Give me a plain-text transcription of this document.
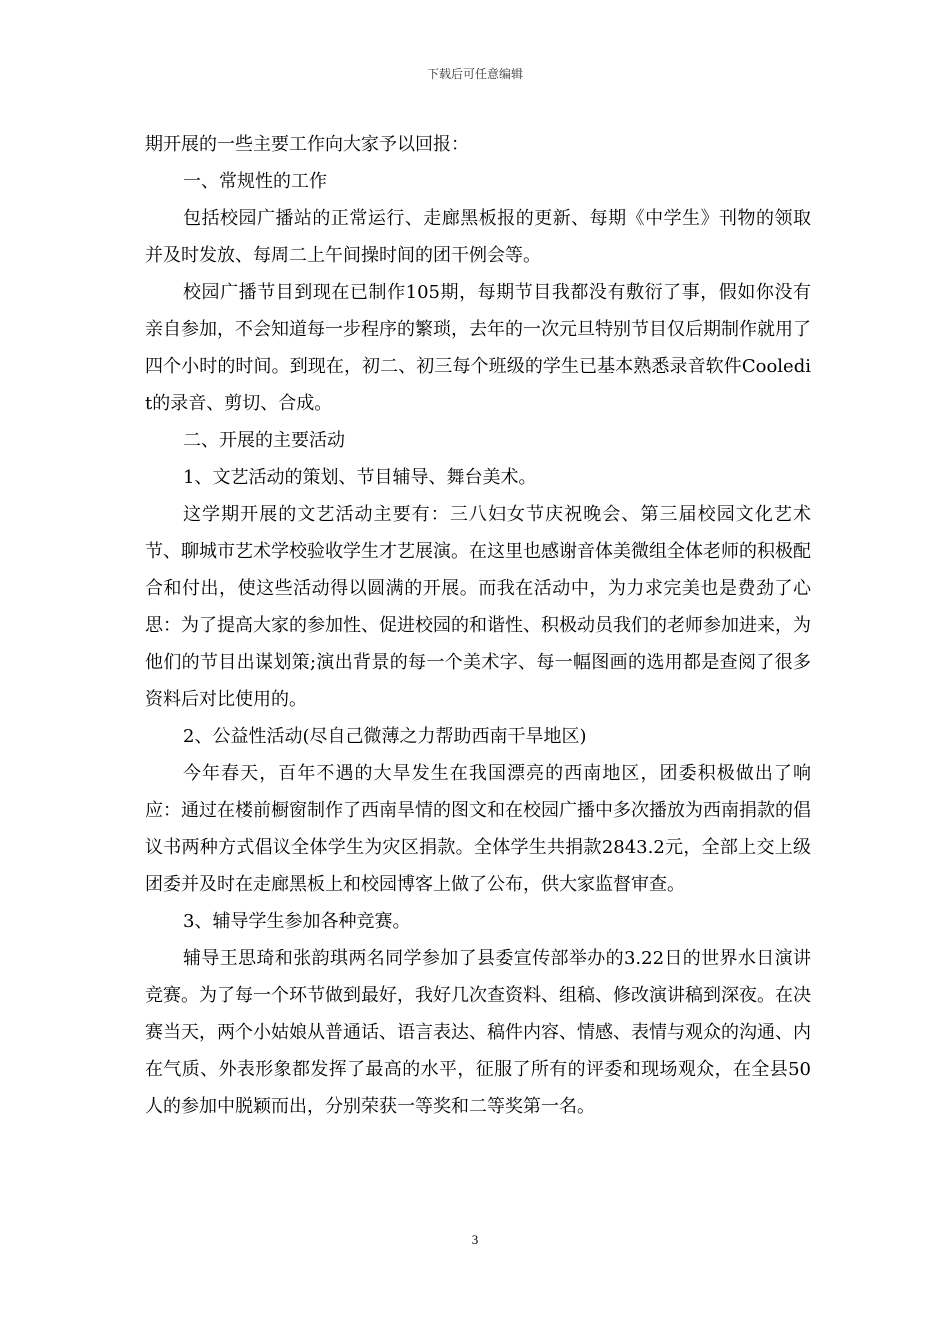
下载后可任意编辑

期开展的一些主要工作向大家予以回报：

一、常规性的工作

包括校园广播站的正常运行、走廊黑板报的更新、每期《中学生》刊物的领取并及时发放、每周二上午间操时间的团干例会等。

校园广播节目到现在已制作105期，每期节目我都没有敷衍了事，假如你没有亲自参加，不会知道每一步程序的繁琐，去年的一次元旦特别节目仅后期制作就用了四个小时的时间。到现在，初二、初三每个班级的学生已基本熟悉录音软件Cooledit的录音、剪切、合成。

二、开展的主要活动

1、文艺活动的策划、节目辅导、舞台美术。

这学期开展的文艺活动主要有：三八妇女节庆祝晚会、第三届校园文化艺术节、聊城市艺术学校验收学生才艺展演。在这里也感谢音体美微组全体老师的积极配合和付出，使这些活动得以圆满的开展。而我在活动中，为力求完美也是费劲了心思：为了提高大家的参加性、促进校园的和谐性、积极动员我们的老师参加进来，为他们的节目出谋划策;演出背景的每一个美术字、每一幅图画的选用都是查阅了很多资料后对比使用的。

2、公益性活动(尽自己微薄之力帮助西南干旱地区)

今年春天，百年不遇的大旱发生在我国漂亮的西南地区，团委积极做出了响应：通过在楼前橱窗制作了西南旱情的图文和在校园广播中多次播放为西南捐款的倡议书两种方式倡议全体学生为灾区捐款。全体学生共捐款2843.2元，全部上交上级团委并及时在走廊黑板上和校园博客上做了公布，供大家监督审查。

3、辅导学生参加各种竞赛。

辅导王思琦和张韵琪两名同学参加了县委宣传部举办的3.22日的世界水日演讲竞赛。为了每一个环节做到最好，我好几次查资料、组稿、修改演讲稿到深夜。在决赛当天，两个小姑娘从普通话、语言表达、稿件内容、情感、表情与观众的沟通、内在气质、外表形象都发挥了最高的水平，征服了所有的评委和现场观众，在全县50人的参加中脱颖而出，分别荣获一等奖和二等奖第一名。

3
